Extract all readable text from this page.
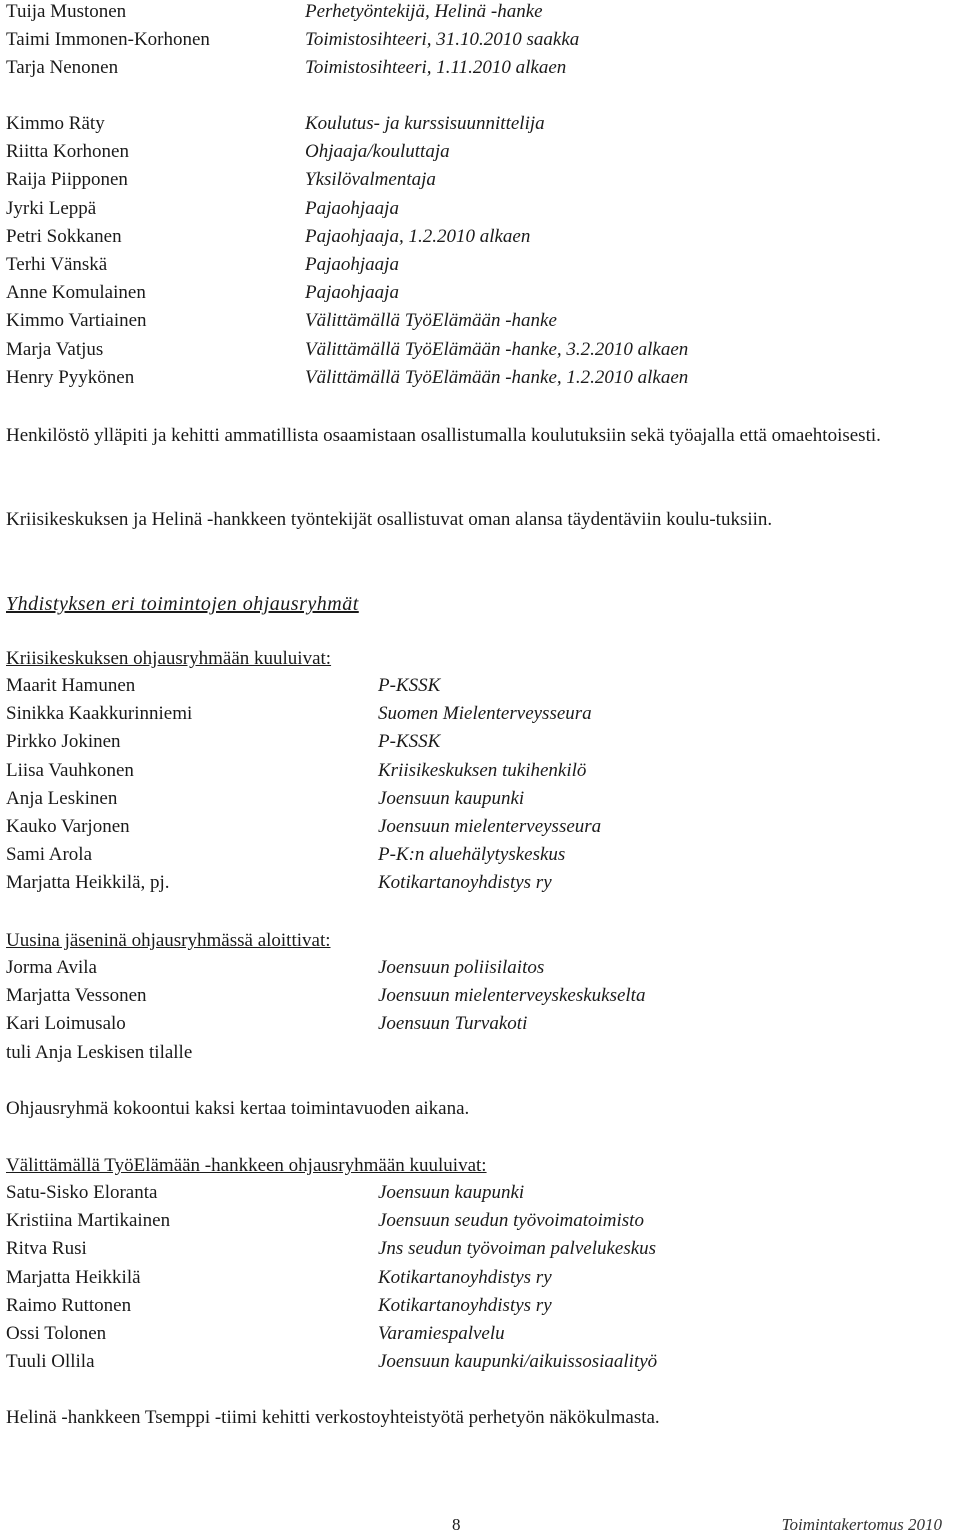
Tuija Mustonen	Perhetyöntekijä, Helinä -hanke
Taimi Immonen-Korhonen	Toimistosihteeri, 31.10.2010 saakka
Tarja Nenonen	Toimistosihteeri, 1.11.2010 alkaen
Kimmo Räty	Koulutus- ja kurssisuunnittelija
Riitta Korhonen	Ohjaaja/kouluttaja
Raija Piipponen	Yksilövalmentaja
Jyrki Leppä	Pajaohjaaja
Petri Sokkanen	Pajaohjaaja, 1.2.2010 alkaen
Terhi Vänskä	Pajaohjaaja
Anne Komulainen	Pajaohjaaja
Kimmo Vartiainen	Välittämällä TyöElämään -hanke
Marja Vatjus	Välittämällä TyöElämään -hanke, 3.2.2010 alkaen
Henry Pyykönen	Välittämällä TyöElämään -hanke, 1.2.2010 alkaen
Henkilöstö ylläpiti ja kehitti ammatillista osaamistaan osallistumalla koulutuksiin sekä työajalla että omaehtoisesti.
Kriisikeskuksen ja Helinä -hankkeen työntekijät osallistuvat oman alansa täydentäviin koulu-tuksiin.
Yhdistyksen eri toimintojen ohjausryhmät
Kriisikeskuksen ohjausryhmään kuuluivat:
Maarit Hamunen	P-KSSK
Sinikka Kaakkurinniemi	Suomen Mielenterveysseura
Pirkko Jokinen	P-KSSK
Liisa Vauhkonen	Kriisikeskuksen tukihenkilö
Anja Leskinen	Joensuun kaupunki
Kauko Varjonen	Joensuun mielenterveysseura
Sami Arola	P-K:n aluehälytyskeskus
Marjatta Heikkilä, pj.	Kotikartanoyhdistys ry
Uusina jäseninä ohjausryhmässä aloittivat:
Jorma Avila	Joensuun poliisilaitos
Marjatta Vessonen	Joensuun mielenterveyskeskukselta
Kari Loimusalo	Joensuun Turvakoti
tuli Anja Leskisen tilalle
Ohjausryhmä kokoontui kaksi kertaa toimintavuoden aikana.
Välittämällä TyöElämään -hankkeen ohjausryhmään kuuluivat:
Satu-Sisko Eloranta	Joensuun kaupunki
Kristiina Martikainen	Joensuun seudun työvoimatoimisto
Ritva Rusi	Jns seudun työvoiman palvelukeskus
Marjatta Heikkilä	Kotikartanoyhdistys ry
Raimo Ruttonen	Kotikartanoyhdistys ry
Ossi Tolonen	Varamiespalvelu
Tuuli Ollila	Joensuun kaupunki/aikuissosiaalityö
Helinä -hankkeen Tsemppi -tiimi kehitti verkostoyhteistyötä perhetyön näkökulmasta.
8	Toimintakertomus 2010
